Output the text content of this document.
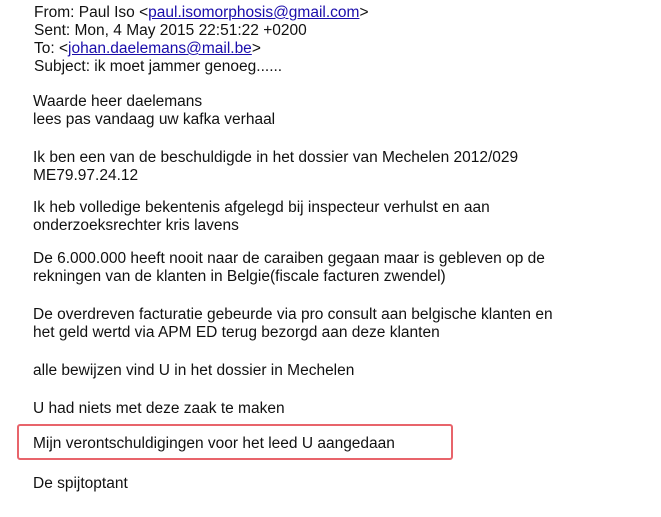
From: Paul Iso <paul.isomorphosis@gmail.com>
Sent: Mon, 4 May 2015 22:51:22 +0200
To: <johan.daelemans@mail.be>
Subject: ik moet jammer genoeg......
Waarde heer daelemans
lees pas vandaag uw kafka verhaal
Ik ben een van de beschuldigde in het dossier van Mechelen 2012/029
ME79.97.24.12
Ik heb volledige bekentenis afgelegd bij inspecteur verhulst en aan
onderzoeksrechter kris lavens
De 6.000.000 heeft nooit naar de caraiben gegaan maar is gebleven op de
rekningen van de klanten in Belgie(fiscale facturen zwendel)
De overdreven facturatie gebeurde via pro consult aan belgische klanten en
het geld wertd via APM ED terug bezorgd aan deze klanten
alle bewijzen vind U in het dossier in Mechelen
U had niets met deze zaak te maken
Mijn verontschuldigingen voor het leed U aangedaan
De spijtoptant
